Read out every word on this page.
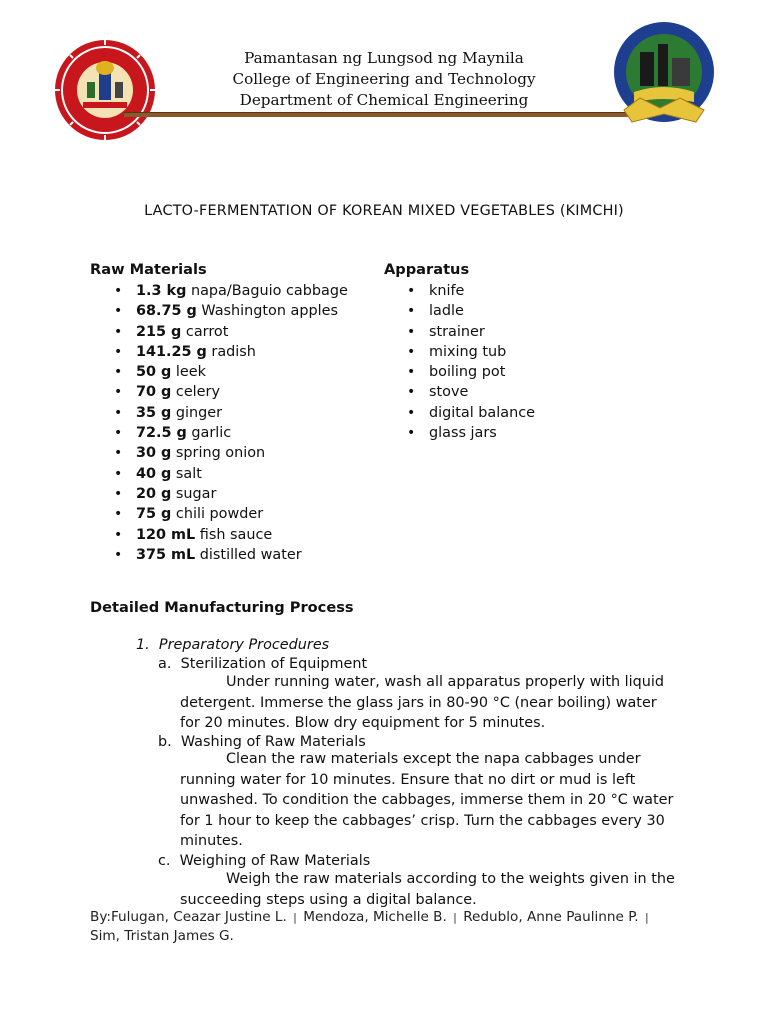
Pamantasan ng Lungsod ng Maynila
College of Engineering and Technology
Department of Chemical Engineering
LACTO-FERMENTATION OF KOREAN MIXED VEGETABLES (KIMCHI)
Raw Materials
• 1.3 kg napa/Baguio cabbage
• 68.75 g Washington apples
• 215 g carrot
• 141.25 g radish
• 50 g leek
• 70 g celery
• 35 g ginger
• 72.5 g garlic
• 30 g spring onion
• 40 g salt
• 20 g sugar
• 75 g chili powder
• 120 mL fish sauce
• 375 mL distilled water
Apparatus
• knife
• ladle
• strainer
• mixing tub
• boiling pot
• stove
• digital balance
• glass jars
Detailed Manufacturing Process
1. Preparatory Procedures
a. Sterilization of Equipment
Under running water, wash all apparatus properly with liquid detergent. Immerse the glass jars in 80-90 °C (near boiling) water for 20 minutes. Blow dry equipment for 5 minutes.
b. Washing of Raw Materials
Clean the raw materials except the napa cabbages under running water for 10 minutes. Ensure that no dirt or mud is left unwashed. To condition the cabbages, immerse them in 20 °C water for 1 hour to keep the cabbages’ crisp. Turn the cabbages every 30 minutes.
c. Weighing of Raw Materials
Weigh the raw materials according to the weights given in the succeeding steps using a digital balance.
By:Fulugan, Ceazar Justine L. | Mendoza, Michelle B. | Redublo, Anne Paulinne P. |
Sim, Tristan James G.
